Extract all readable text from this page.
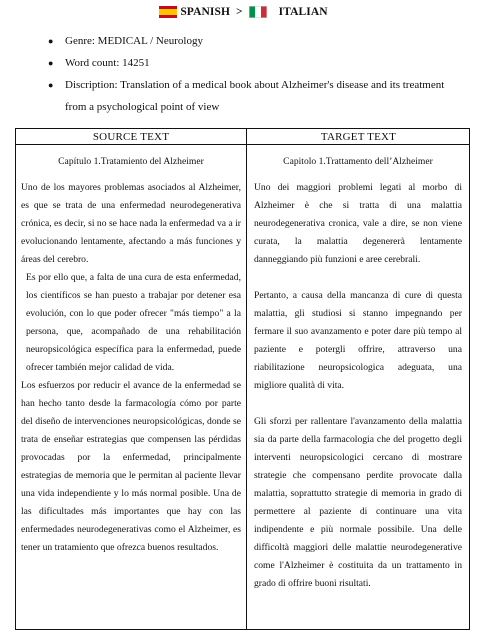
SPANISH >	ITALIAN
● Genre: MEDICAL / Neurology
● Word count: 14251
● Discription: Translation of a medical book about Alzheimer's disease and its treatment from a psychological point of view
SOURCE TEXT	TARGET TEXT
Capítulo 1.Tratamiento del Alzheimer

Uno de los mayores problemas asociados al Alzheimer, es que se trata de una enfermedad neurodegenerativa crónica, es decir, si no se hace nada la enfermedad va a ir evolucionando lentamente, afectando a más funciones y áreas del cerebro.

Es por ello que, a falta de una cura de esta enfermedad, los científicos se han puesto a trabajar por detener esa evolución, con lo que poder ofrecer "más tiempo" a la persona, que, acompañado de una rehabilitación neuropsicológica específica para la enfermedad, puede ofrecer también mejor calidad de vida.

Los esfuerzos por reducir el avance de la enfermedad se han hecho tanto desde la farmacología cómo por parte del diseño de intervenciones neuropsicológicas, donde se trata de enseñar estrategias que compensen las pérdidas provocadas por la enfermedad, principalmente estrategias de memoria que le permitan al paciente llevar una vida independiente y lo más normal posible. Una de las dificultades más importantes que hay con las enfermedades neurodegenerativas como el Alzheimer, es tener un tratamiento que ofrezca buenos resultados.

Capitolo 1.Trattamento dell’Alzheimer

Uno dei maggiori problemi legati al morbo di Alzheimer è che si tratta di una malattia neurodegenerativa cronica, vale a dire, se non viene curata, la malattia degenererà lentamente danneggiando più funzioni e aree cerebrali.

Pertanto, a causa della mancanza di cure di questa malattia, gli studiosi si stanno impegnando per fermare il suo avanzamento e poter dare più tempo al paziente e potergli offrire, attraverso una riabilitazione neuropsicologica adeguata, una migliore qualità di vita.

Gli sforzi per rallentare l'avanzamento della malattia sia da parte della farmacologia che del progetto degli interventi neuropsicologici cercano di mostrare strategie che compensano perdite provocate dalla malattia, soprattutto strategie di memoria in grado di permettere al paziente di continuare una vita indipendente e più normale possibile. Una delle difficoltà maggiori delle malattie neurodegenerative come l'Alzheimer è costituita da un trattamento in grado di offrire buoni risultati.
